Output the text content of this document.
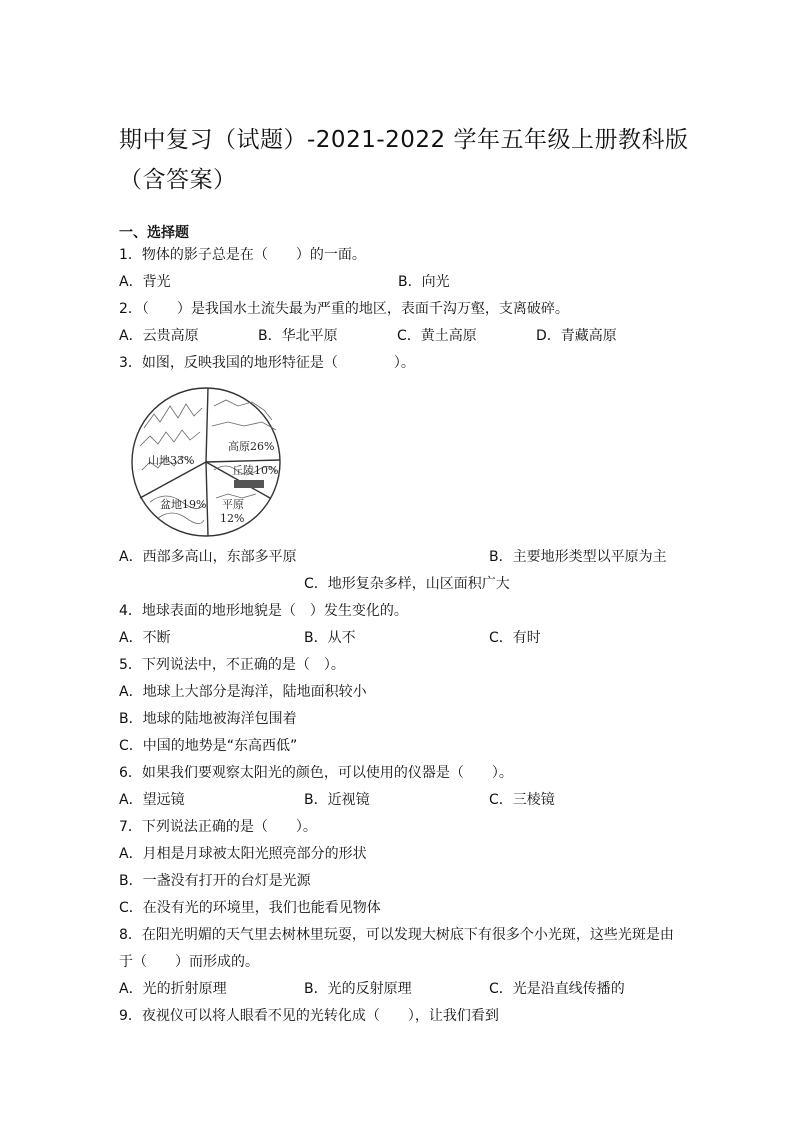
期中复习（试题）-2021-2022 学年五年级上册教科版
（含答案）
一、选择题
1．物体的影子总是在（　　）的一面。
A．背光	B．向光
2．（　　）是我国水土流失最为严重的地区，表面千沟万壑，支离破碎。
A．云贵高原	B．华北平原	C．黄土高原	D．青藏高原
3．如图，反映我国的地形特征是（　　　　）。
山地33%
高原26%
丘陵10%
平原
12%
盆地19%
A．西部多高山，东部多平原	B．主要地形类型以平原为主
C．地形复杂多样，山区面积广大
4．地球表面的地形地貌是（　）发生变化的。
A．不断	B．从不	C．有时
5．下列说法中，不正确的是（　）。
A．地球上大部分是海洋，陆地面积较小
B．地球的陆地被海洋包围着
C．中国的地势是“东高西低”
6．如果我们要观察太阳光的颜色，可以使用的仪器是（　　）。
A．望远镜	B．近视镜	C．三棱镜
7．下列说法正确的是（　　）。
A．月相是月球被太阳光照亮部分的形状
B．一盏没有打开的台灯是光源
C．在没有光的环境里，我们也能看见物体
8．在阳光明媚的天气里去树林里玩耍，可以发现大树底下有很多个小光斑，这些光斑是由
于（　　）而形成的。
A．光的折射原理	B．光的反射原理	C．光是沿直线传播的
9．夜视仪可以将人眼看不见的光转化成（　　），让我们看到
